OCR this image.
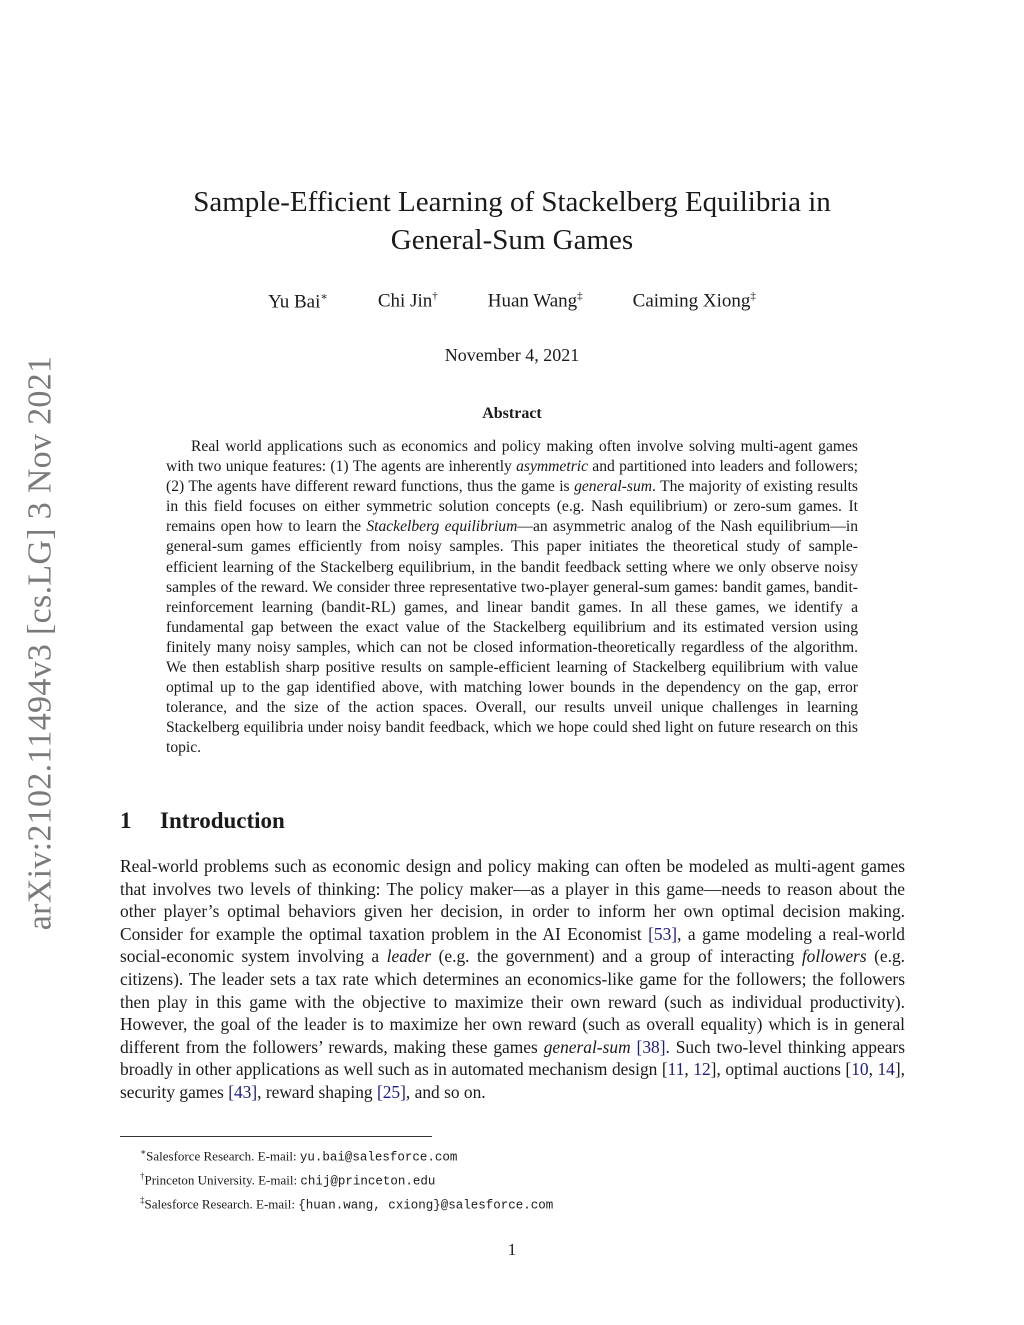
arXiv:2102.11494v3 [cs.LG] 3 Nov 2021
Sample-Efficient Learning of Stackelberg Equilibria in
General-Sum Games
Yu Bai∗	Chi Jin†	Huan Wang‡	Caiming Xiong‡
November 4, 2021
Abstract

Real world applications such as economics and policy making often involve solving multi-agent games with two unique features: (1) The agents are inherently asymmetric and partitioned into leaders and followers; (2) The agents have different reward functions, thus the game is general-sum. The majority of existing results in this field focuses on either symmetric solution concepts (e.g. Nash equilibrium) or zero-sum games. It remains open how to learn the Stackelberg equilibrium—an asymmetric analog of the Nash equilibrium—in general-sum games efficiently from noisy samples. This paper initiates the theoretical study of sample-efficient learning of the Stackelberg equilibrium, in the bandit feedback setting where we only observe noisy samples of the reward. We consider three representative two-player general-sum games: bandit games, bandit-reinforcement learning (bandit-RL) games, and linear bandit games. In all these games, we identify a fundamental gap between the exact value of the Stackelberg equilibrium and its estimated version using finitely many noisy samples, which can not be closed information-theoretically regardless of the algorithm. We then establish sharp positive results on sample-efficient learning of Stackelberg equilibrium with value optimal up to the gap identified above, with matching lower bounds in the dependency on the gap, error tolerance, and the size of the action spaces. Overall, our results unveil unique challenges in learning Stackelberg equilibria under noisy bandit feedback, which we hope could shed light on future research on this topic.

1 Introduction

Real-world problems such as economic design and policy making can often be modeled as multi-agent games that involves two levels of thinking: The policy maker—as a player in this game—needs to reason about the other player’s optimal behaviors given her decision, in order to inform her own optimal decision making. Consider for example the optimal taxation problem in the AI Economist [53], a game modeling a real-world social-economic system involving a leader (e.g. the government) and a group of interacting followers (e.g. citizens). The leader sets a tax rate which determines an economics-like game for the followers; the followers then play in this game with the objective to maximize their own reward (such as individual productivity). However, the goal of the leader is to maximize her own reward (such as overall equality) which is in general different from the followers’ rewards, making these games general-sum [38]. Such two-level thinking appears broadly in other applications as well such as in automated mechanism design [11, 12], optimal auctions [10, 14], security games [43], reward shaping [25], and so on.

∗Salesforce Research. E-mail: yu.bai@salesforce.com
†Princeton University. E-mail: chij@princeton.edu
‡Salesforce Research. E-mail: {huan.wang, cxiong}@salesforce.com
1
